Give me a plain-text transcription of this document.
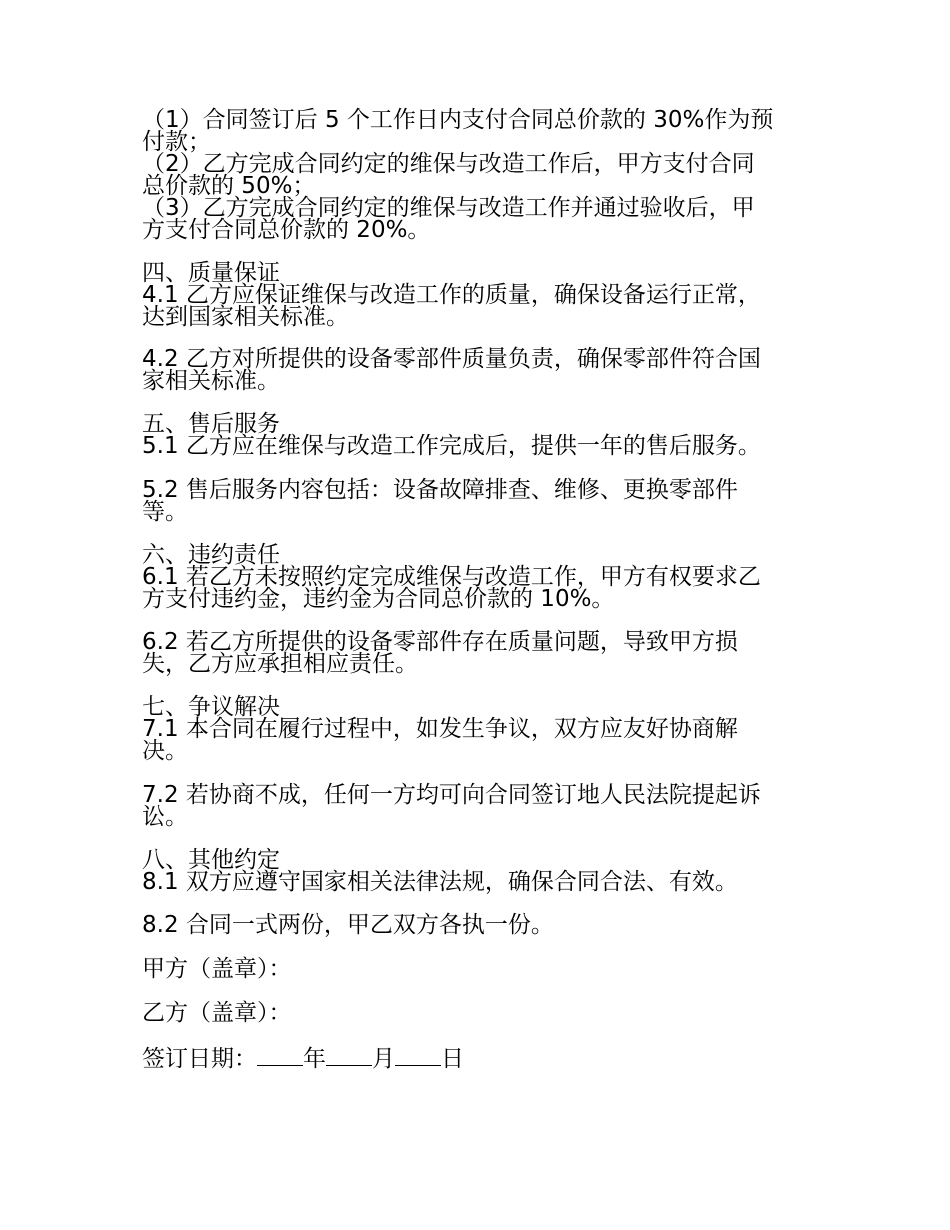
（1）合同签订后 5 个工作日内支付合同总价款的 30%作为预
付款；
（2）乙方完成合同约定的维保与改造工作后，甲方支付合同
总价款的 50%；
（3）乙方完成合同约定的维保与改造工作并通过验收后，甲
方支付合同总价款的 20%。
四、质量保证
4.1 乙方应保证维保与改造工作的质量，确保设备运行正常，
达到国家相关标准。
4.2 乙方对所提供的设备零部件质量负责，确保零部件符合国
家相关标准。
五、售后服务
5.1 乙方应在维保与改造工作完成后，提供一年的售后服务。
5.2 售后服务内容包括：设备故障排查、维修、更换零部件
等。
六、违约责任
6.1 若乙方未按照约定完成维保与改造工作，甲方有权要求乙
方支付违约金，违约金为合同总价款的 10%。
6.2 若乙方所提供的设备零部件存在质量问题，导致甲方损
失，乙方应承担相应责任。
七、争议解决
7.1 本合同在履行过程中，如发生争议，双方应友好协商解
决。
7.2 若协商不成，任何一方均可向合同签订地人民法院提起诉
讼。
八、其他约定
8.1 双方应遵守国家相关法律法规，确保合同合法、有效。
8.2 合同一式两份，甲乙双方各执一份。
甲方（盖章）：
乙方（盖章）：
签订日期： 年 月 日
